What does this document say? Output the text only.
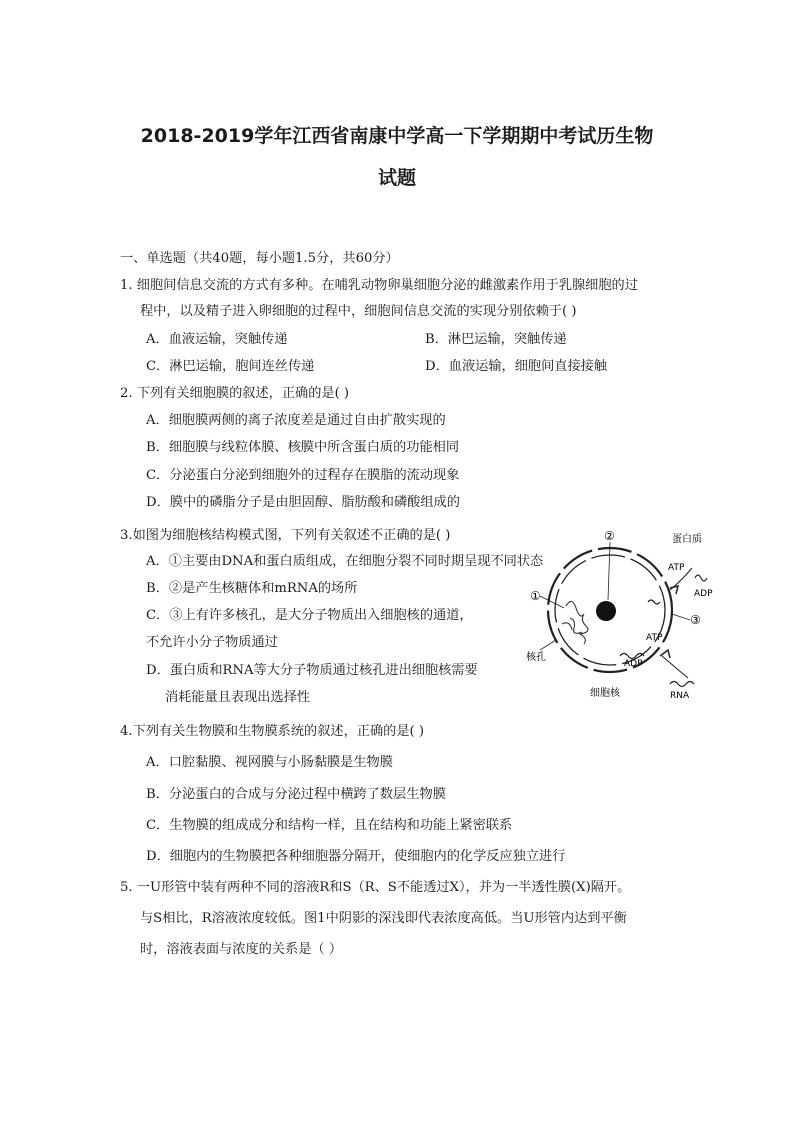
2018-2019学年江西省南康中学高一下学期期中考试历生物
试题
一、单选题（共40题，每小题1.5分，共60分）
1. 细胞间信息交流的方式有多种。在哺乳动物卵巢细胞分泌的雌激素作用于乳腺细胞的过
程中，以及精子进入卵细胞的过程中，细胞间信息交流的实现分别依赖于( )
A．血液运输，突触传递	B．淋巴运输，突触传递
C．淋巴运输，胞间连丝传递	D．血液运输，细胞间直接接触
2. 下列有关细胞膜的叙述，正确的是( )
A．细胞膜两侧的离子浓度差是通过自由扩散实现的
B．细胞膜与线粒体膜、核膜中所含蛋白质的功能相同
C．分泌蛋白分泌到细胞外的过程存在膜脂的流动现象
D．膜中的磷脂分子是由胆固醇、脂肪酸和磷酸组成的
3.如图为细胞核结构模式图，下列有关叙述不正确的是( )
A．①主要由DNA和蛋白质组成，在细胞分裂不同时期呈现不同状态
B．②是产生核糖体和mRNA的场所
C．③上有许多核孔，是大分子物质出入细胞核的通道，
不允许小分子物质通过
D．蛋白质和RNA等大分子物质通过核孔进出细胞核需要
消耗能量且表现出选择性
②	蛋白质
ATP
ADP
①
③
ATP
ADP
核孔
细胞核	RNA
4.下列有关生物膜和生物膜系统的叙述，正确的是( )
A．口腔黏膜、视网膜与小肠黏膜是生物膜
B．分泌蛋白的合成与分泌过程中横跨了数层生物膜
C．生物膜的组成成分和结构一样，且在结构和功能上紧密联系
D．细胞内的生物膜把各种细胞器分隔开，使细胞内的化学反应独立进行
5. 一U形管中装有两种不同的溶液R和S（R、S不能透过X），并为一半透性膜(X)隔开。
与S相比，R溶液浓度较低。图1中阴影的深浅即代表浓度高低。当U形管内达到平衡
时，溶液表面与浓度的关系是（ ）
